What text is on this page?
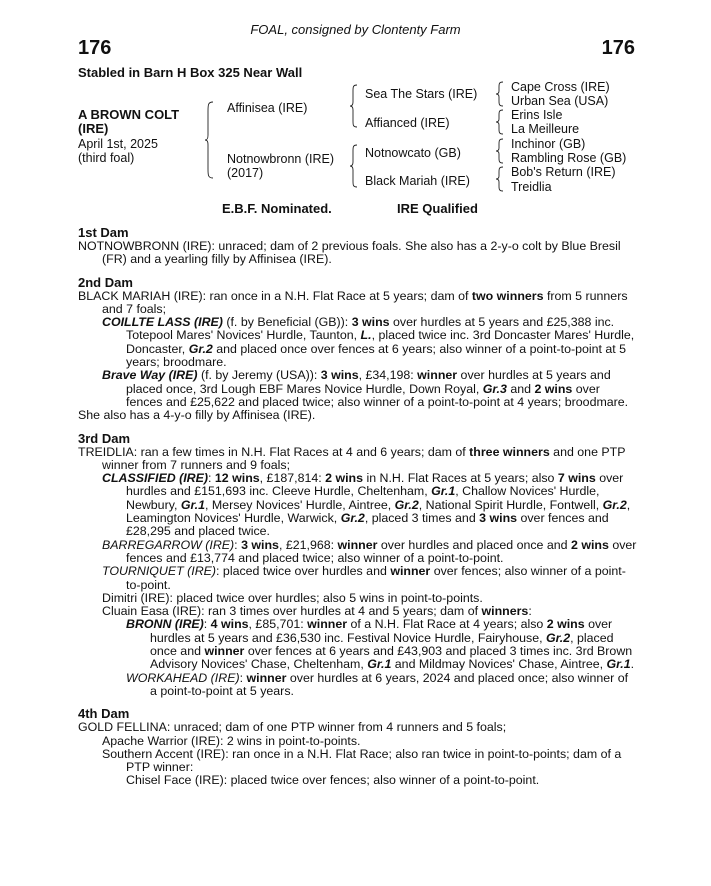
FOAL, consigned by Clontenty Farm
176	176
Stabled in Barn H Box 325 Near Wall
A BROWN COLT
(IRE)
April 1st, 2025
(third foal)
Affinisea (IRE)
Notnowbronn (IRE)
(2017)
Sea The Stars (IRE)
Affianced (IRE)
Notnowcato (GB)
Black Mariah (IRE)
Cape Cross (IRE)
Urban Sea (USA)
Erins Isle
La Meilleure
Inchinor (GB)
Rambling Rose (GB)
Bob's Return (IRE)
Treidlia
E.B.F. Nominated.	IRE Qualified
1st Dam

NOTNOWBRONN (IRE): unraced; dam of 2 previous foals. She also has a 2-y-o colt by Blue Bresil (FR) and a yearling filly by Affinisea (IRE).

2nd Dam

BLACK MARIAH (IRE): ran once in a N.H. Flat Race at 5 years; dam of two winners from 5 runners and 7 foals;

COILLTE LASS (IRE) (f. by Beneficial (GB)): 3 wins over hurdles at 5 years and £25,388 inc. Totepool Mares' Novices' Hurdle, Taunton, L., placed twice inc. 3rd Doncaster Mares' Hurdle, Doncaster, Gr.2 and placed once over fences at 6 years; also winner of a point-to-point at 5 years; broodmare.

Brave Way (IRE) (f. by Jeremy (USA)): 3 wins, £34,198: winner over hurdles at 5 years and placed once, 3rd Lough EBF Mares Novice Hurdle, Down Royal, Gr.3 and 2 wins over fences and £25,622 and placed twice; also winner of a point-to-point at 4 years; broodmare.

She also has a 4-y-o filly by Affinisea (IRE).

3rd Dam

TREIDLIA: ran a few times in N.H. Flat Races at 4 and 6 years; dam of three winners and one PTP winner from 7 runners and 9 foals;

CLASSIFIED (IRE): 12 wins, £187,814: 2 wins in N.H. Flat Races at 5 years; also 7 wins over hurdles and £151,693 inc. Cleeve Hurdle, Cheltenham, Gr.1, Challow Novices' Hurdle, Newbury, Gr.1, Mersey Novices' Hurdle, Aintree, Gr.2, National Spirit Hurdle, Fontwell, Gr.2, Leamington Novices' Hurdle, Warwick, Gr.2, placed 3 times and 3 wins over fences and £28,295 and placed twice.

BARREGARROW (IRE): 3 wins, £21,968: winner over hurdles and placed once and 2 wins over fences and £13,774 and placed twice; also winner of a point-to-point.

TOURNIQUET (IRE): placed twice over hurdles and winner over fences; also winner of a point-to-point.

Dimitri (IRE): placed twice over hurdles; also 5 wins in point-to-points.

Cluain Easa (IRE): ran 3 times over hurdles at 4 and 5 years; dam of winners:

BRONN (IRE): 4 wins, £85,701: winner of a N.H. Flat Race at 4 years; also 2 wins over hurdles at 5 years and £36,530 inc. Festival Novice Hurdle, Fairyhouse, Gr.2, placed once and winner over fences at 6 years and £43,903 and placed 3 times inc. 3rd Brown Advisory Novices' Chase, Cheltenham, Gr.1 and Mildmay Novices' Chase, Aintree, Gr.1.

WORKAHEAD (IRE): winner over hurdles at 6 years, 2024 and placed once; also winner of a point-to-point at 5 years.

4th Dam

GOLD FELLINA: unraced; dam of one PTP winner from 4 runners and 5 foals;

Apache Warrior (IRE): 2 wins in point-to-points.

Southern Accent (IRE): ran once in a N.H. Flat Race; also ran twice in point-to-points; dam of a PTP winner:

Chisel Face (IRE): placed twice over fences; also winner of a point-to-point.
